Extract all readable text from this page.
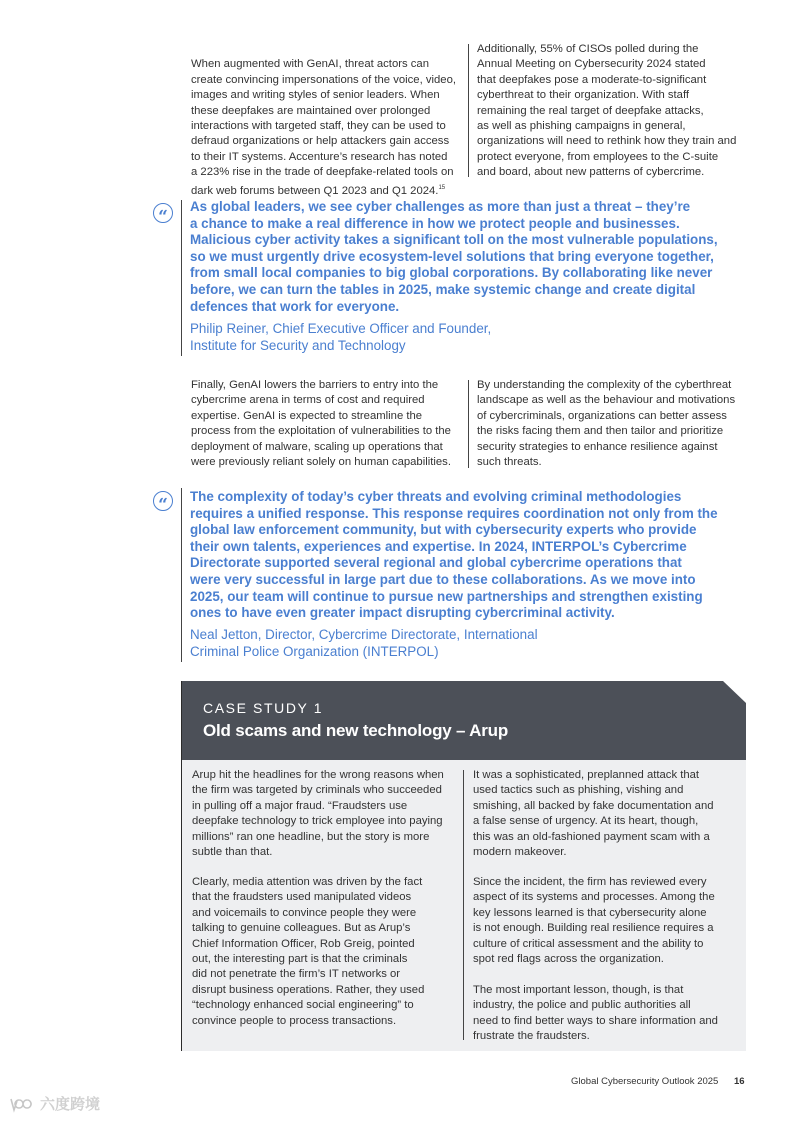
When augmented with GenAI, threat actors can
create convincing impersonations of the voice, video,
images and writing styles of senior leaders. When
these deepfakes are maintained over prolonged
interactions with targeted staff, they can be used to
defraud organizations or help attackers gain access
to their IT systems. Accenture’s research has noted
a 223% rise in the trade of deepfake-related tools on
dark web forums between Q1 2023 and Q1 2024.15

Additionally, 55% of CISOs polled during the
Annual Meeting on Cybersecurity 2024 stated
that deepfakes pose a moderate-to-significant
cyberthreat to their organization. With staff
remaining the real target of deepfake attacks,
as well as phishing campaigns in general,
organizations will need to rethink how they train and
protect everyone, from employees to the C-suite
and board, about new patterns of cybercrime.
“
As global leaders, we see cyber challenges as more than just a threat – they’re
a chance to make a real difference in how we protect people and businesses.
Malicious cyber activity takes a significant toll on the most vulnerable populations,
so we must urgently drive ecosystem-level solutions that bring everyone together,
from small local companies to big global corporations. By collaborating like never
before, we can turn the tables in 2025, make systemic change and create digital
defences that work for everyone.
Philip Reiner, Chief Executive Officer and Founder,
Institute for Security and Technology
Finally, GenAI lowers the barriers to entry into the
cybercrime arena in terms of cost and required
expertise. GenAI is expected to streamline the
process from the exploitation of vulnerabilities to the
deployment of malware, scaling up operations that
were previously reliant solely on human capabilities.
By understanding the complexity of the cyberthreat
landscape as well as the behaviour and motivations
of cybercriminals, organizations can better assess
the risks facing them and then tailor and prioritize
security strategies to enhance resilience against
such threats.
“	The complexity of today’s cyber threats and evolving criminal methodologies
requires a unified response. This response requires coordination not only from the
global law enforcement community, but with cybersecurity experts who provide
their own talents, experiences and expertise. In 2024, INTERPOL’s Cybercrime
Directorate supported several regional and global cybercrime operations that
were very successful in large part due to these collaborations. As we move into
2025, our team will continue to pursue new partnerships and strengthen existing
ones to have even greater impact disrupting cybercriminal activity.
Neal Jetton, Director, Cybercrime Directorate, International
Criminal Police Organization (INTERPOL)
CASE STUDY 1
Old scams and new technology – Arup
Arup hit the headlines for the wrong reasons when
the firm was targeted by criminals who succeeded
in pulling off a major fraud. “Fraudsters use
deepfake technology to trick employee into paying
millions” ran one headline, but the story is more
subtle than that.
Clearly, media attention was driven by the fact
that the fraudsters used manipulated videos
and voicemails to convince people they were
talking to genuine colleagues. But as Arup’s
Chief Information Officer, Rob Greig, pointed
out, the interesting part is that the criminals
did not penetrate the firm’s IT networks or
disrupt business operations. Rather, they used
“technology enhanced social engineering” to
convince people to process transactions.
It was a sophisticated, preplanned attack that
used tactics such as phishing, vishing and
smishing, all backed by fake documentation and
a false sense of urgency. At its heart, though,
this was an old-fashioned payment scam with a
modern makeover.
Since the incident, the firm has reviewed every
aspect of its systems and processes. Among the
key lessons learned is that cybersecurity alone
is not enough. Building real resilience requires a
culture of critical assessment and the ability to
spot red flags across the organization.
The most important lesson, though, is that
industry, the police and public authorities all
need to find better ways to share information and
frustrate the fraudsters.
Global Cybersecurity Outlook 2025 16
六度跨境
